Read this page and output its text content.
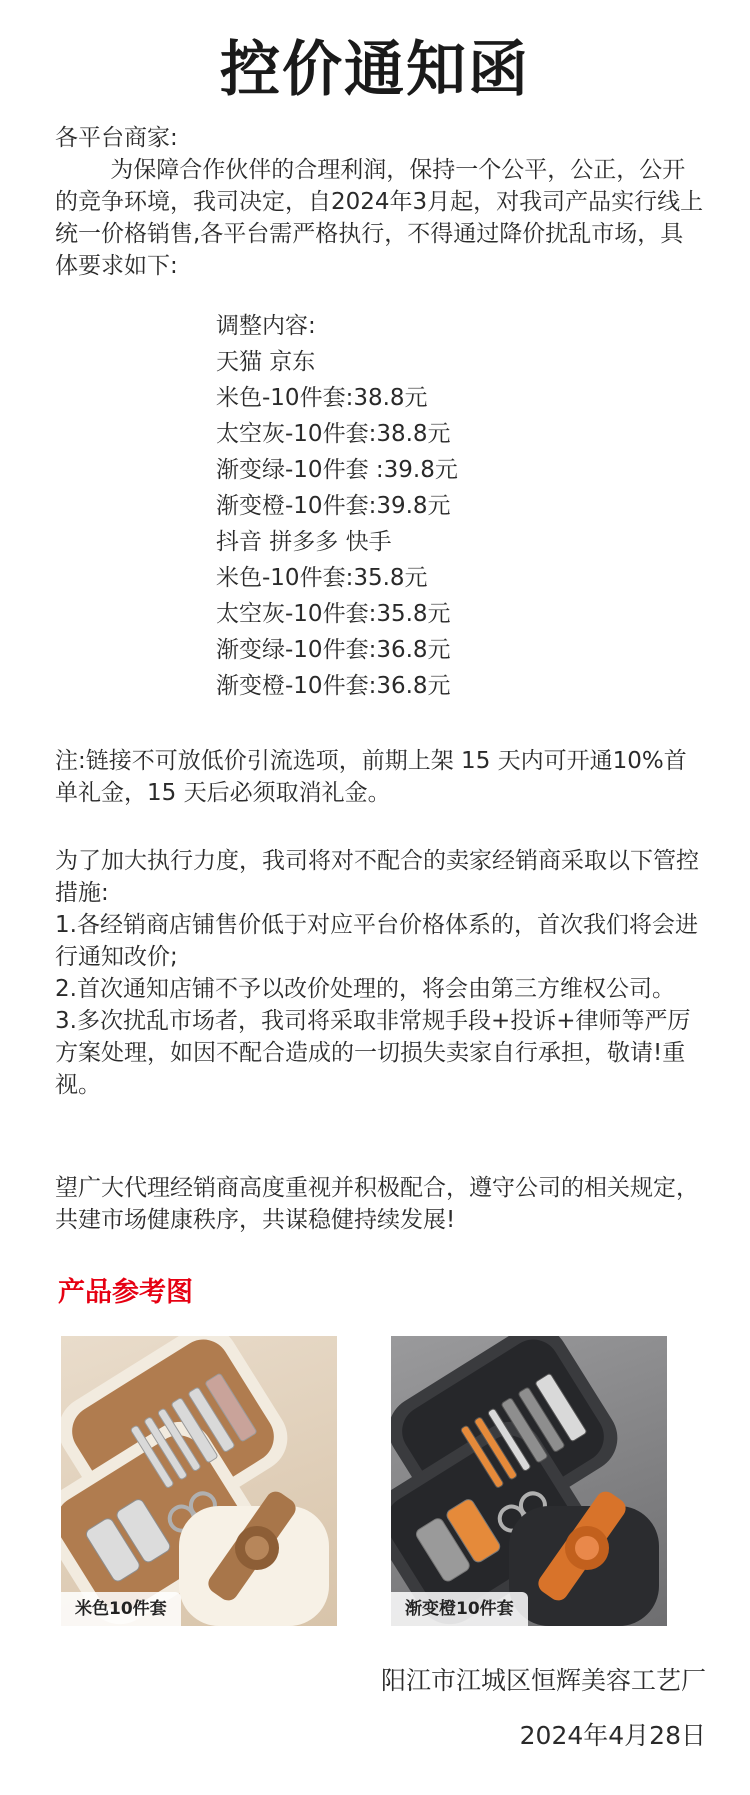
控价通知函
各平台商家:

为保障合作伙伴的合理利润，保持一个公平，公正，公开的竞争环境，我司决定，自2024年3月起，对我司产品实行线上统一价格销售,各平台需严格执行，不得通过降价扰乱市场，具体要求如下:

调整内容:
天猫 京东
米色-10件套:38.8元
太空灰-10件套:38.8元
渐变绿-10件套 :39.8元
渐变橙-10件套:39.8元
抖音 拼多多 快手
米色-10件套:35.8元
太空灰-10件套:35.8元
渐变绿-10件套:36.8元
渐变橙-10件套:36.8元
注:链接不可放低价引流选项，前期上架 15 天内可开通10%首单礼金，15 天后必须取消礼金。
为了加大执行力度，我司将对不配合的卖家经销商采取以下管控措施:
1.各经销商店铺售价低于对应平台价格体系的，首次我们将会进行通知改价;
2.首次通知店铺不予以改价处理的，将会由第三方维权公司。
3.多次扰乱市场者，我司将采取非常规手段+投诉+律师等严厉方案处理，如因不配合造成的一切损失卖家自行承担，敬请!重视。
望广大代理经销商高度重视并积极配合，遵守公司的相关规定，共建市场健康秩序，共谋稳健持续发展!
产品参考图
米色10件套	渐变橙10件套
阳江市江城区恒辉美容工艺厂
2024年4月28日
